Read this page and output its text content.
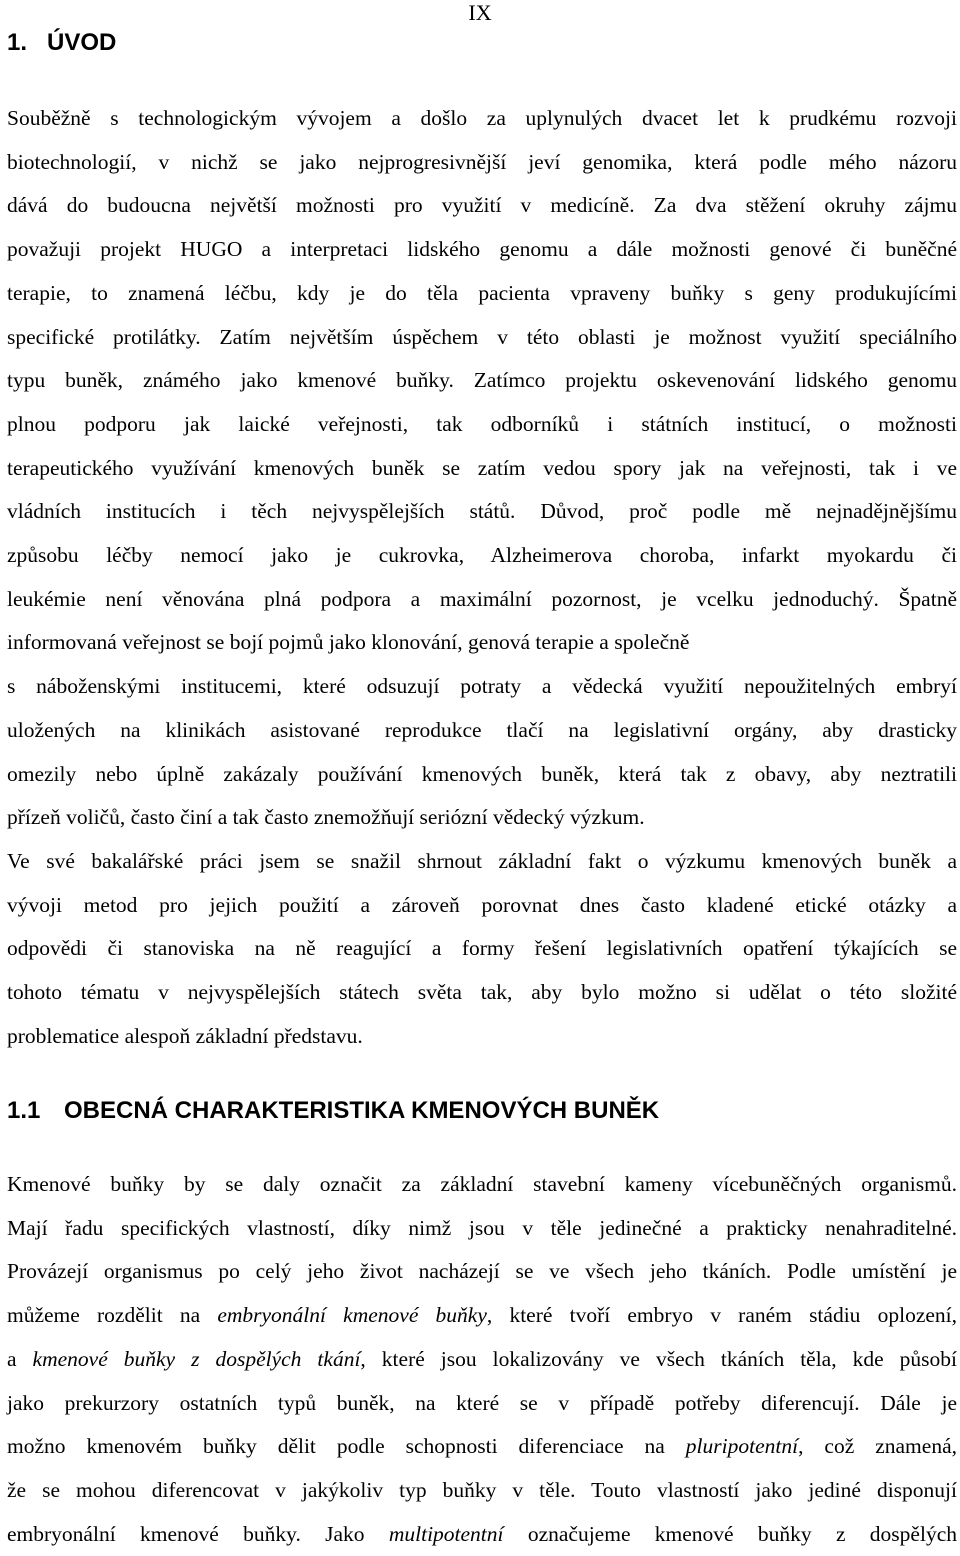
IX
1. ÚVOD
Souběžně s technologickým vývojem a došlo za uplynulých dvacet let k prudkému rozvoji
biotechnologií, v nichž se jako nejprogresivnější jeví genomika, která podle mého názoru
dává do budoucna největší možnosti pro využití v medicíně. Za dva stěžení okruhy zájmu
považuji projekt HUGO a interpretaci lidského genomu a dále možnosti genové či buněčné
terapie, to znamená léčbu, kdy je do těla pacienta vpraveny buňky s geny produkujícími
specifické protilátky. Zatím největším úspěchem v této oblasti je možnost využití speciálního
typu buněk, známého jako kmenové buňky. Zatímco projektu oskevenování lidského genomu
plnou podporu jak laické veřejnosti, tak odborníků i státních institucí, o možnosti
terapeutického využívání kmenových buněk se zatím vedou spory jak na veřejnosti, tak i ve
vládních institucích i těch nejvyspělejších států. Důvod, proč podle mě nejnadějnějšímu
způsobu léčby nemocí jako je cukrovka, Alzheimerova choroba, infarkt myokardu či
leukémie není věnována plná podpora a maximální pozornost, je vcelku jednoduchý. Špatně
informovaná veřejnost se bojí pojmů jako klonování, genová terapie a společně
s náboženskými institucemi, které odsuzují potraty a vědecká využití nepoužitelných embryí
uložených na klinikách asistované reprodukce tlačí na legislativní orgány, aby drasticky
omezily nebo úplně zakázaly používání kmenových buněk, která tak z obavy, aby neztratili
přízeň voličů, často činí a tak často znemožňují seriózní vědecký výzkum.
Ve své bakalářské práci jsem se snažil shrnout základní fakt o výzkumu kmenových buněk a
vývoji metod pro jejich použití a zároveň porovnat dnes často kladené etické otázky a
odpovědi či stanoviska na ně reagující a formy řešení legislativních opatření týkajících se
tohoto tématu v nejvyspělejších státech světa tak, aby bylo možno si udělat o této složité
problematice alespoň základní představu.
1.1 OBECNÁ CHARAKTERISTIKA KMENOVÝCH BUNĚK
Kmenové buňky by se daly označit za základní stavební kameny vícebuněčných organismů.
Mají řadu specifických vlastností, díky nimž jsou v těle jedinečné a prakticky nenahraditelné.
Provázejí organismus po celý jeho život nacházejí se ve všech jeho tkáních. Podle umístění je
můžeme rozdělit na embryonální kmenové buňky, které tvoří embryo v raném stádiu oplození,
a kmenové buňky z dospělých tkání, které jsou lokalizovány ve všech tkáních těla, kde působí
jako prekurzory ostatních typů buněk, na které se v případě potřeby diferencují. Dále je
možno kmenovém buňky dělit podle schopnosti diferenciace na pluripotentní, což znamená,
že se mohou diferencovat v jakýkoliv typ buňky v těle. Touto vlastností jako jediné disponují
embryonální kmenové buňky. Jako multipotentní označujeme kmenové buňky z dospělých
